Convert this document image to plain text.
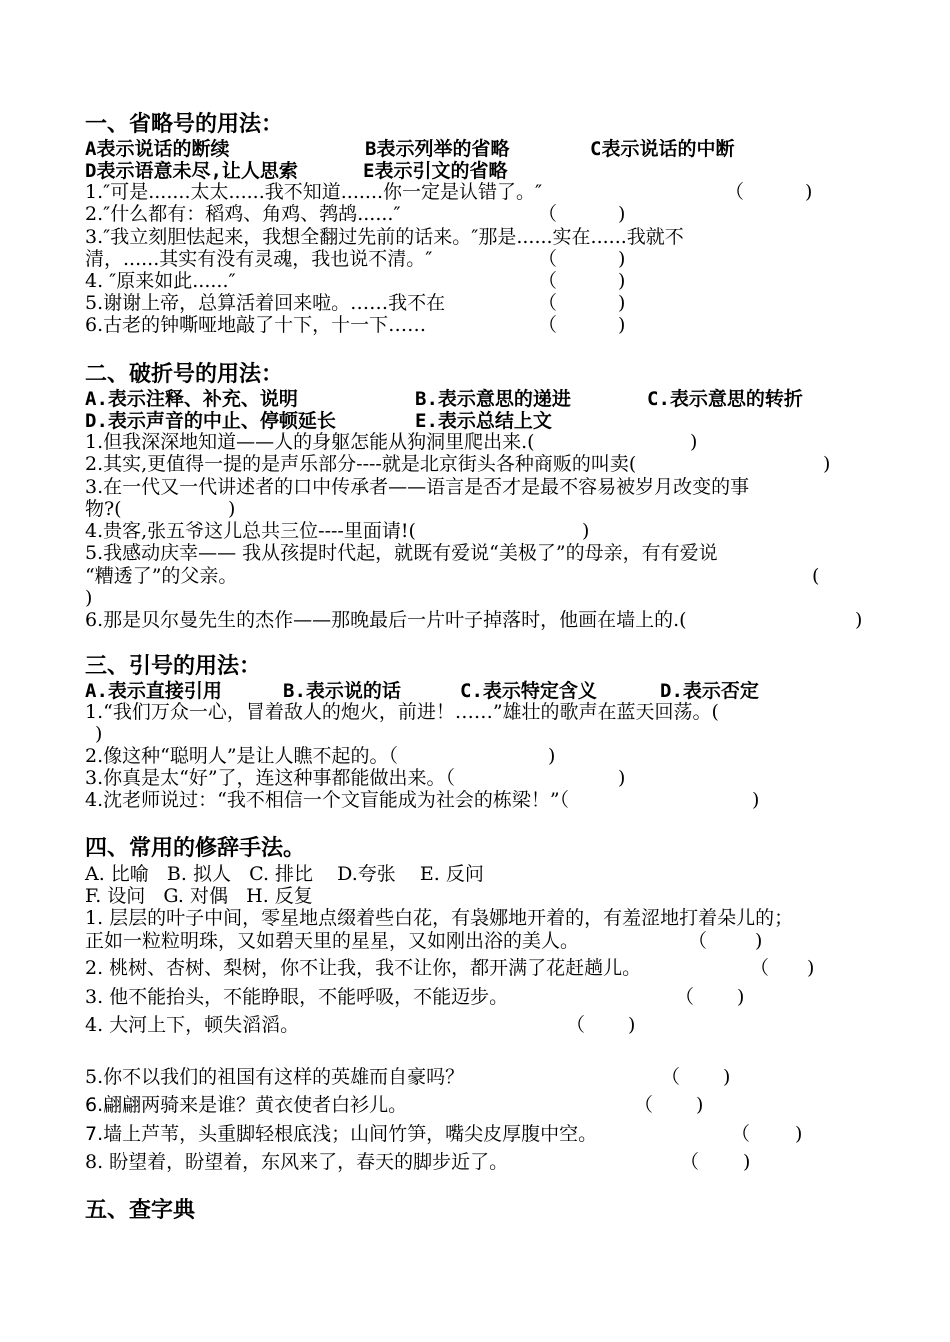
一、省略号的用法：
A表示说话的断续	B表示列举的省略	C表示说话的中断
D表示语意未尽,让人思索	E表示引文的省略
1.″可是.......太太......我不知道.......你一定是认错了。″	（	)
2.″什么都有：稻鸡、角鸡、鹁鸪......″	（	)
3.″我立刻胆怯起来，我想全翻过先前的话来。″那是......实在......我就不
清，......其实有没有灵魂，我也说不清。″	（	)
4. ″原来如此......″	（	)
5.谢谢上帝，总算活着回来啦。……我不在	（	)
6.古老的钟嘶哑地敲了十下，十一下……	（	)
二、破折号的用法：
A.表示注释、补充、说明	B.表示意思的递进	C.表示意思的转折
D.表示声音的中止、停顿延长	E.表示总结上文
1.但我深深地知道——人的身躯怎能从狗洞里爬出来.(	)
2.其实,更值得一提的是声乐部分----就是北京街头各种商贩的叫卖(	)
3.在一代又一代讲述者的口中传承者——语言是否才是最不容易被岁月改变的事
物?(	)
4.贵客,张五爷这儿总共三位----里面请!(	)
5.我感动庆幸—— 我从孩提时代起，就既有爱说“美极了”的母亲，有有爱说
“糟透了”的父亲。	(
)
6.那是贝尔曼先生的杰作——那晚最后一片叶子掉落时，他画在墙上的.(	)
三、引号的用法：
A.表示直接引用	B.表示说的话	C.表示特定含义	D.表示否定
1.“我们万众一心，冒着敌人的炮火，前进！……”雄壮的歌声在蓝天回荡。(
)
2.像这种“聪明人”是让人瞧不起的。（	)
3.你真是太“好”了，连这种事都能做出来。（	)
4.沈老师说过：“我不相信一个文盲能成为社会的栋梁！”（	)
四、常用的修辞手法。
A. 比喻   B. 拟人   C. 排比    D.夸张    E. 反问
F. 设问   G. 对偶   H. 反复
1. 层层的叶子中间，零星地点缀着些白花，有袅娜地开着的，有羞涩地打着朵儿的；
正如一粒粒明珠，又如碧天里的星星，又如刚出浴的美人。	（	)
2. 桃树、杏树、梨树，你不让我，我不让你，都开满了花赶趟儿。	（ )
3. 他不能抬头，不能睁眼，不能呼吸，不能迈步。	（ )
4. 大河上下，顿失滔滔。	（ )
5.你不以我们的祖国有这样的英雄而自豪吗？	（ )
6.翩翩两骑来是谁？黄衣使者白衫儿。	（ )
7.墙上芦苇，头重脚轻根底浅；山间竹笋，嘴尖皮厚腹中空。	（ )
8. 盼望着，盼望着，东风来了，春天的脚步近了。	（ )
五、查字典
